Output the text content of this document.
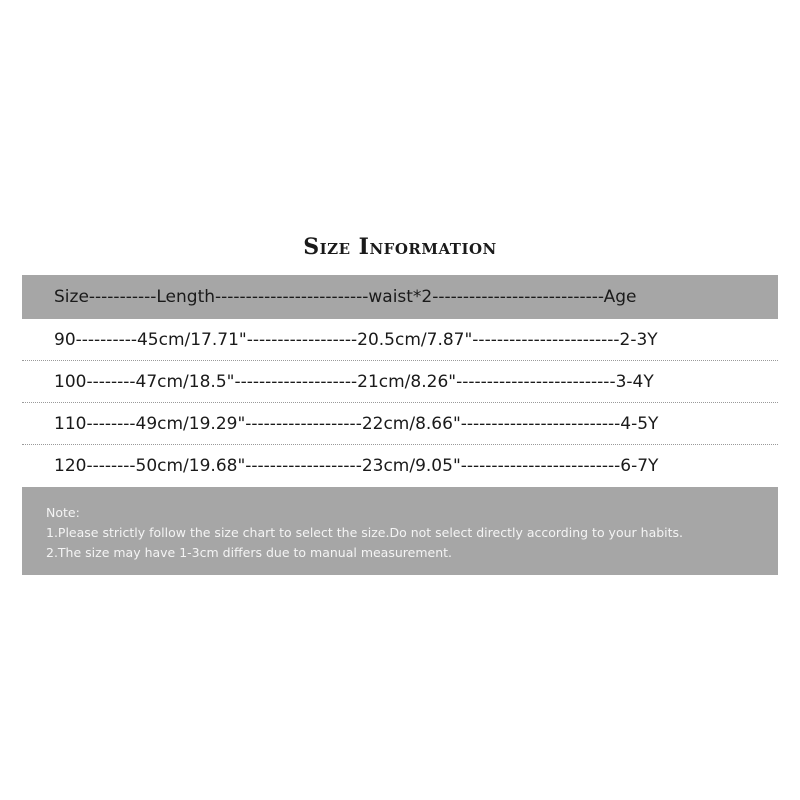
Size Information
Size-----------Length-------------------------waist*2----------------------------Age
90----------45cm/17.71"------------------20.5cm/7.87"------------------------2-3Y
100--------47cm/18.5"--------------------21cm/8.26"--------------------------3-4Y
110--------49cm/19.29"-------------------22cm/8.66"--------------------------4-5Y
120--------50cm/19.68"-------------------23cm/9.05"--------------------------6-7Y
Note:
1.Please strictly follow the size chart to select the size.Do not select directly according to your habits.
2.The size may have 1-3cm differs due to manual measurement.
